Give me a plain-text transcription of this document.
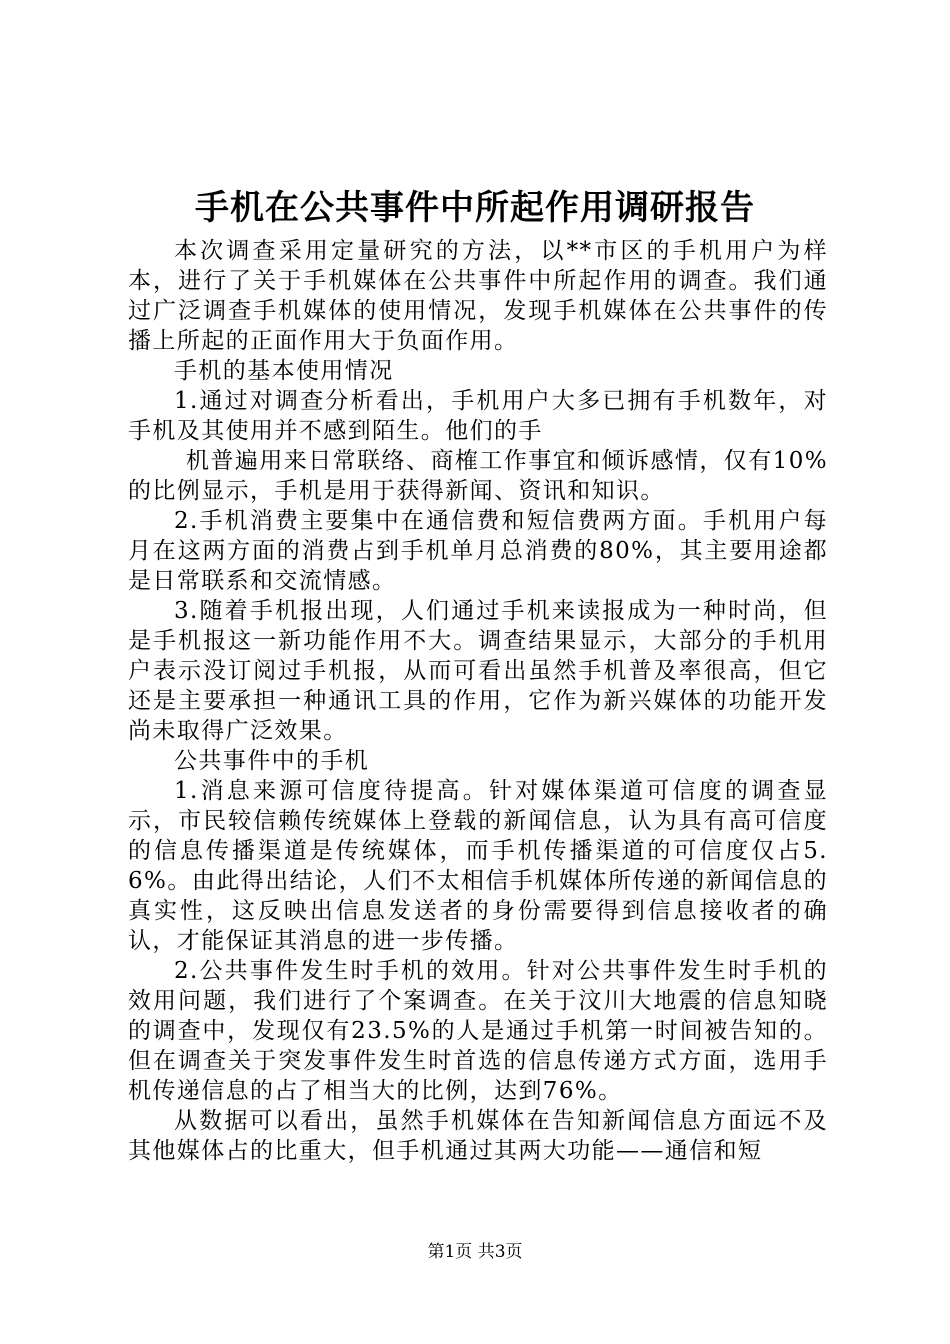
手机在公共事件中所起作用调研报告

本次调查采用定量研究的方法，以**市区的手机用户为样本，进行了关于手机媒体在公共事件中所起作用的调查。我们通过广泛调查手机媒体的使用情况，发现手机媒体在公共事件的传播上所起的正面作用大于负面作用。

手机的基本使用情况

1.通过对调查分析看出，手机用户大多已拥有手机数年，对手机及其使用并不感到陌生。他们的手

机普遍用来日常联络、商榷工作事宜和倾诉感情，仅有10%的比例显示，手机是用于获得新闻、资讯和知识。

2.手机消费主要集中在通信费和短信费两方面。手机用户每月在这两方面的消费占到手机单月总消费的80%，其主要用途都是日常联系和交流情感。

3.随着手机报出现，人们通过手机来读报成为一种时尚，但是手机报这一新功能作用不大。调查结果显示，大部分的手机用户表示没订阅过手机报，从而可看出虽然手机普及率很高，但它还是主要承担一种通讯工具的作用，它作为新兴媒体的功能开发尚未取得广泛效果。

公共事件中的手机

1.消息来源可信度待提高。针对媒体渠道可信度的调查显示，市民较信赖传统媒体上登载的新闻信息，认为具有高可信度的信息传播渠道是传统媒体，而手机传播渠道的可信度仅占5.6%。由此得出结论，人们不太相信手机媒体所传递的新闻信息的真实性，这反映出信息发送者的身份需要得到信息接收者的确认，才能保证其消息的进一步传播。

2.公共事件发生时手机的效用。针对公共事件发生时手机的效用问题，我们进行了个案调查。在关于汶川大地震的信息知晓的调查中，发现仅有23.5%的人是通过手机第一时间被告知的。但在调查关于突发事件发生时首选的信息传递方式方面，选用手机传递信息的占了相当大的比例，达到76%。

从数据可以看出，虽然手机媒体在告知新闻信息方面远不及其他媒体占的比重大，但手机通过其两大功能——通信和短

第1页 共3页
